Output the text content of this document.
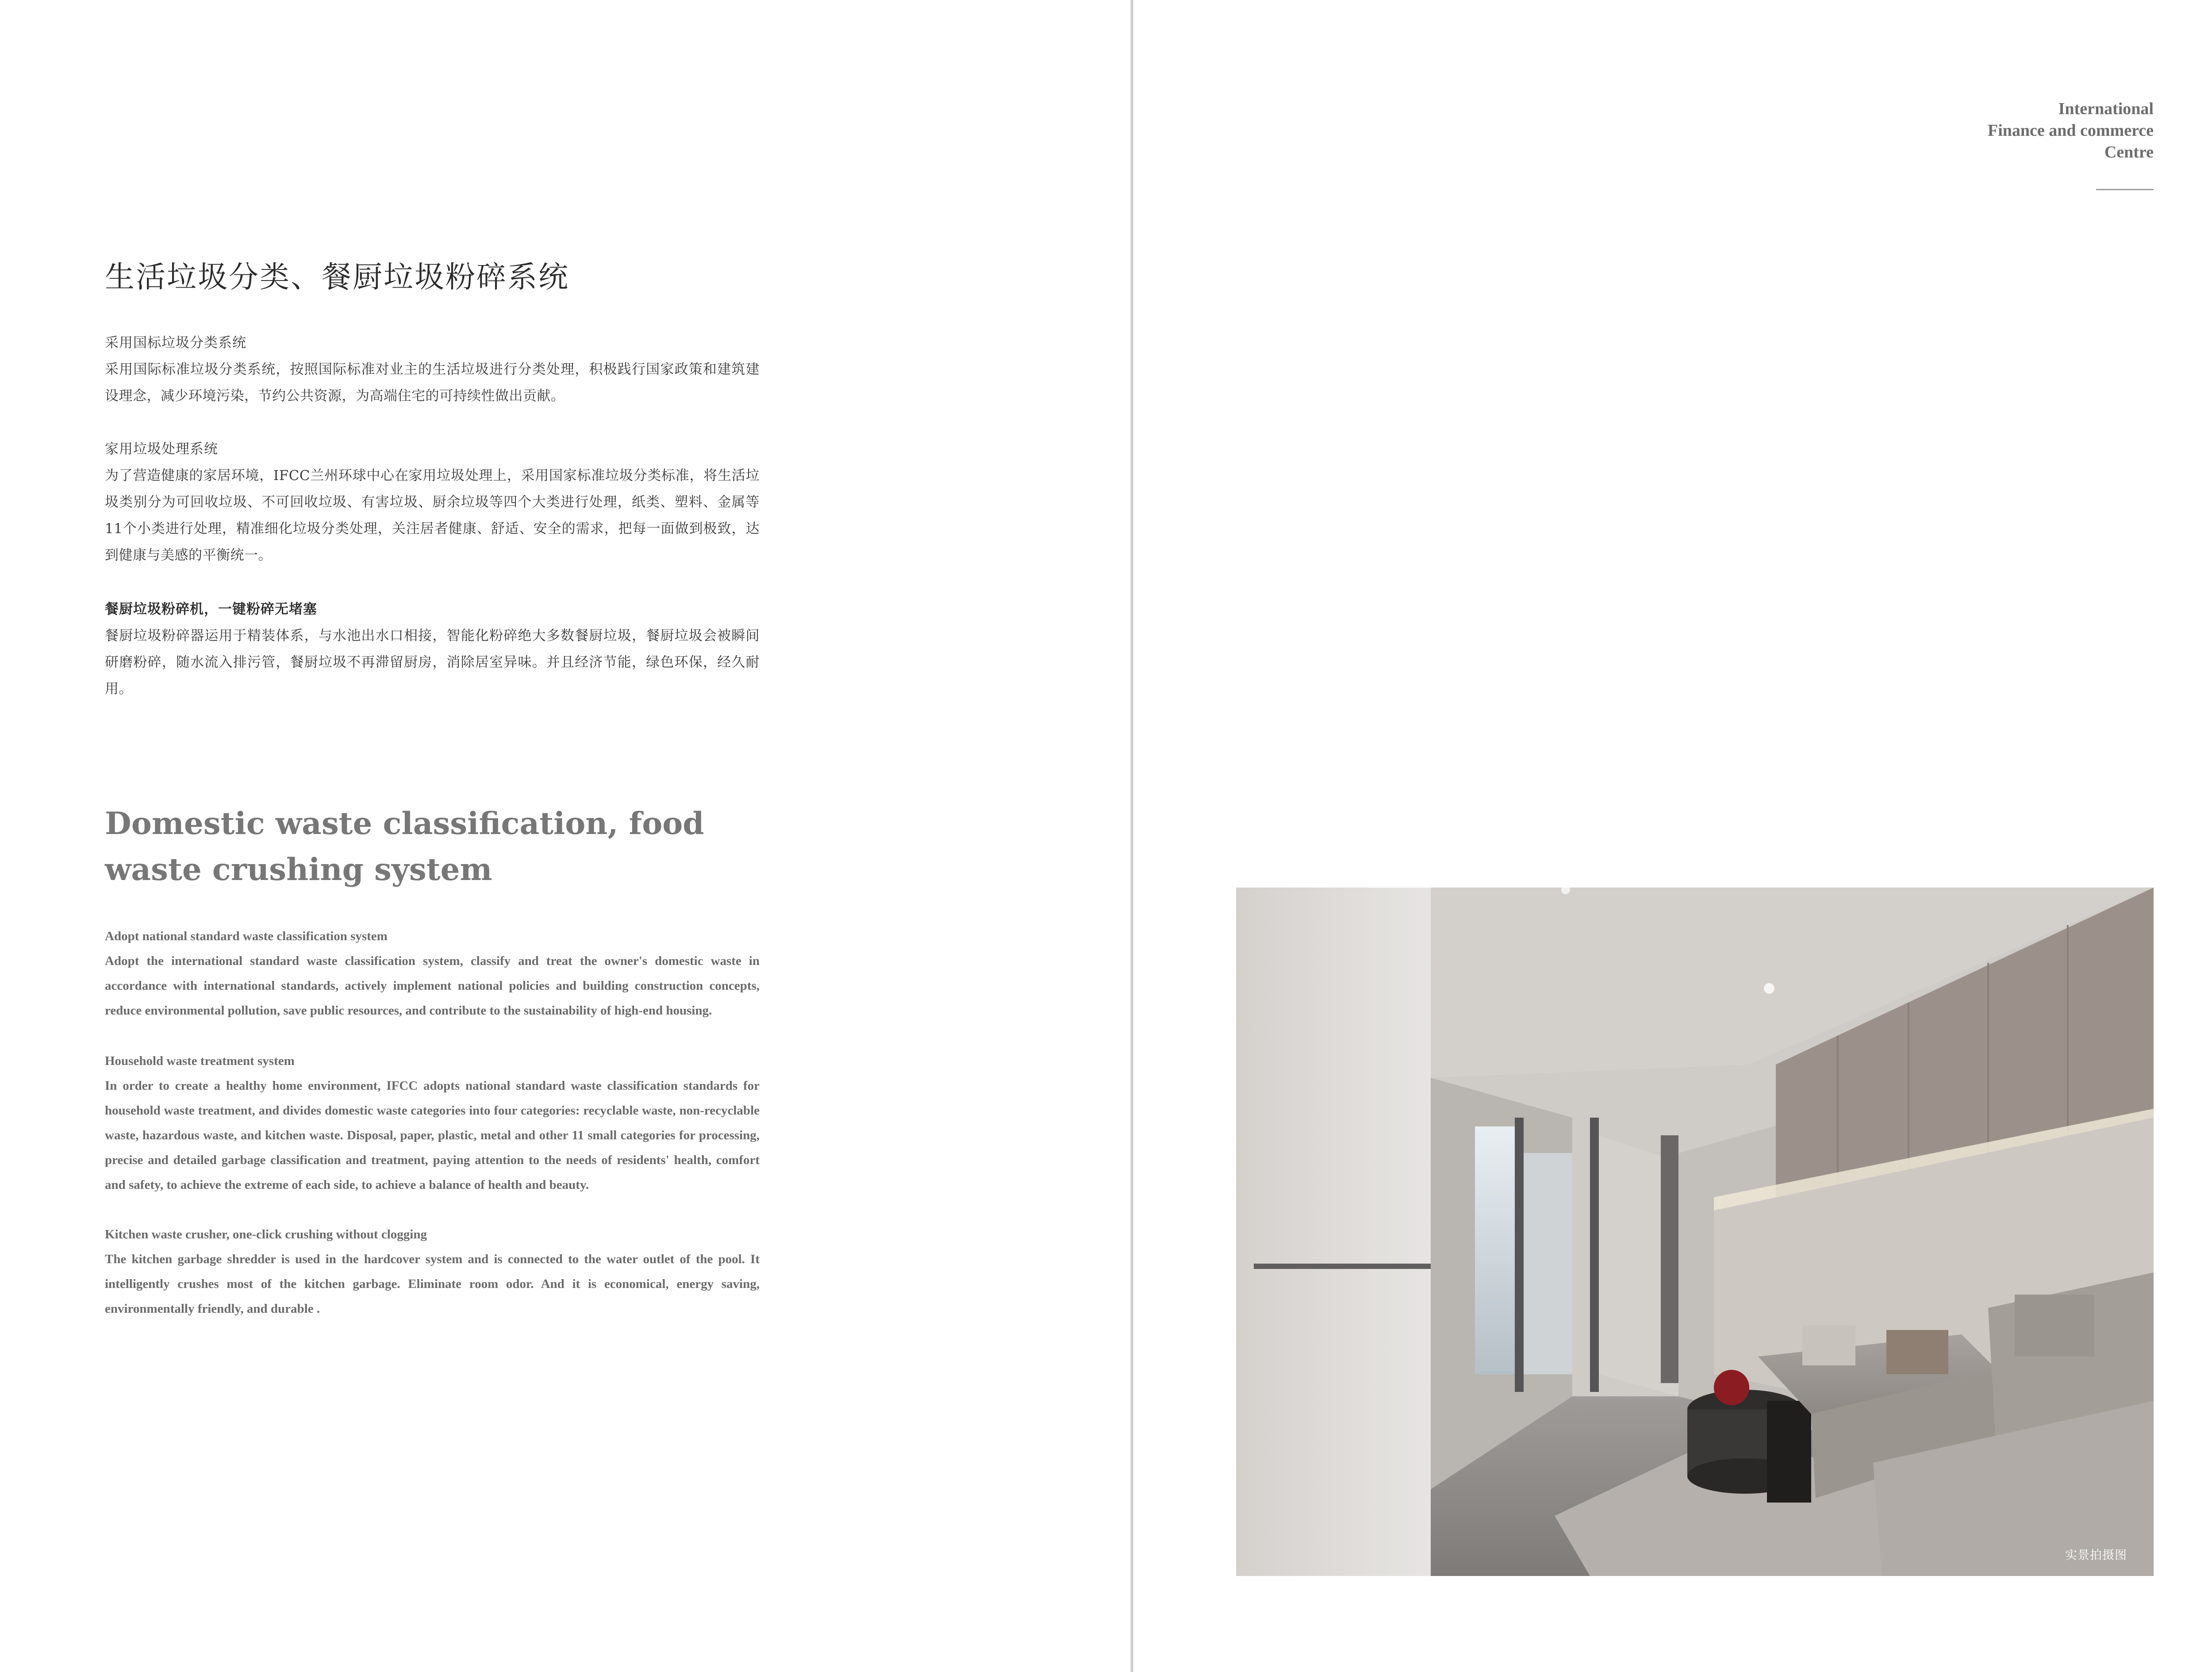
生活垃圾分类、餐厨垃圾粉碎系统
采用国标垃圾分类系统
采用国际标准垃圾分类系统，按照国际标准对业主的生活垃圾进行分类处理，积极践行国家政策和建筑建设理念，减少环境污染，节约公共资源，为高端住宅的可持续性做出贡献。
家用垃圾处理系统
为了营造健康的家居环境，IFCC兰州环球中心在家用垃圾处理上，采用国家标准垃圾分类标准，将生活垃圾类别分为可回收垃圾、不可回收垃圾、有害垃圾、厨余垃圾等四个大类进行处理，纸类、塑料、金属等11个小类进行处理，精准细化垃圾分类处理，关注居者健康、舒适、安全的需求，把每一面做到极致，达到健康与美感的平衡统一。
餐厨垃圾粉碎机，一键粉碎无堵塞
餐厨垃圾粉碎器运用于精装体系，与水池出水口相接，智能化粉碎绝大多数餐厨垃圾，餐厨垃圾会被瞬间研磨粉碎，随水流入排污管，餐厨垃圾不再滞留厨房，消除居室异味。并且经济节能，绿色环保，经久耐用。
Domestic waste classification, food waste crushing system
Adopt national standard waste classification system
Adopt the international standard waste classification system, classify and treat the owner's domestic waste in accordance with international standards, actively implement national policies and building construction concepts, reduce environmental pollution, save public resources, and contribute to the sustainability of high-end housing.
Household waste treatment system
In order to create a healthy home environment, IFCC adopts national standard waste classification standards for household waste treatment, and divides domestic waste categories into four categories: recyclable waste, non-recyclable waste, hazardous waste, and kitchen waste. Disposal, paper, plastic, metal and other 11 small categories for processing, precise and detailed garbage classification and treatment, paying attention to the needs of residents' health, comfort and safety, to achieve the extreme of each side, to achieve a balance of health and beauty.
Kitchen waste crusher, one-click crushing without clogging
The kitchen garbage shredder is used in the hardcover system and is connected to the water outlet of the pool. It intelligently crushes most of the kitchen garbage. Eliminate room odor. And it is economical, energy saving, environmentally friendly, and durable .
International
Finance and commerce
Centre
实景拍摄图
